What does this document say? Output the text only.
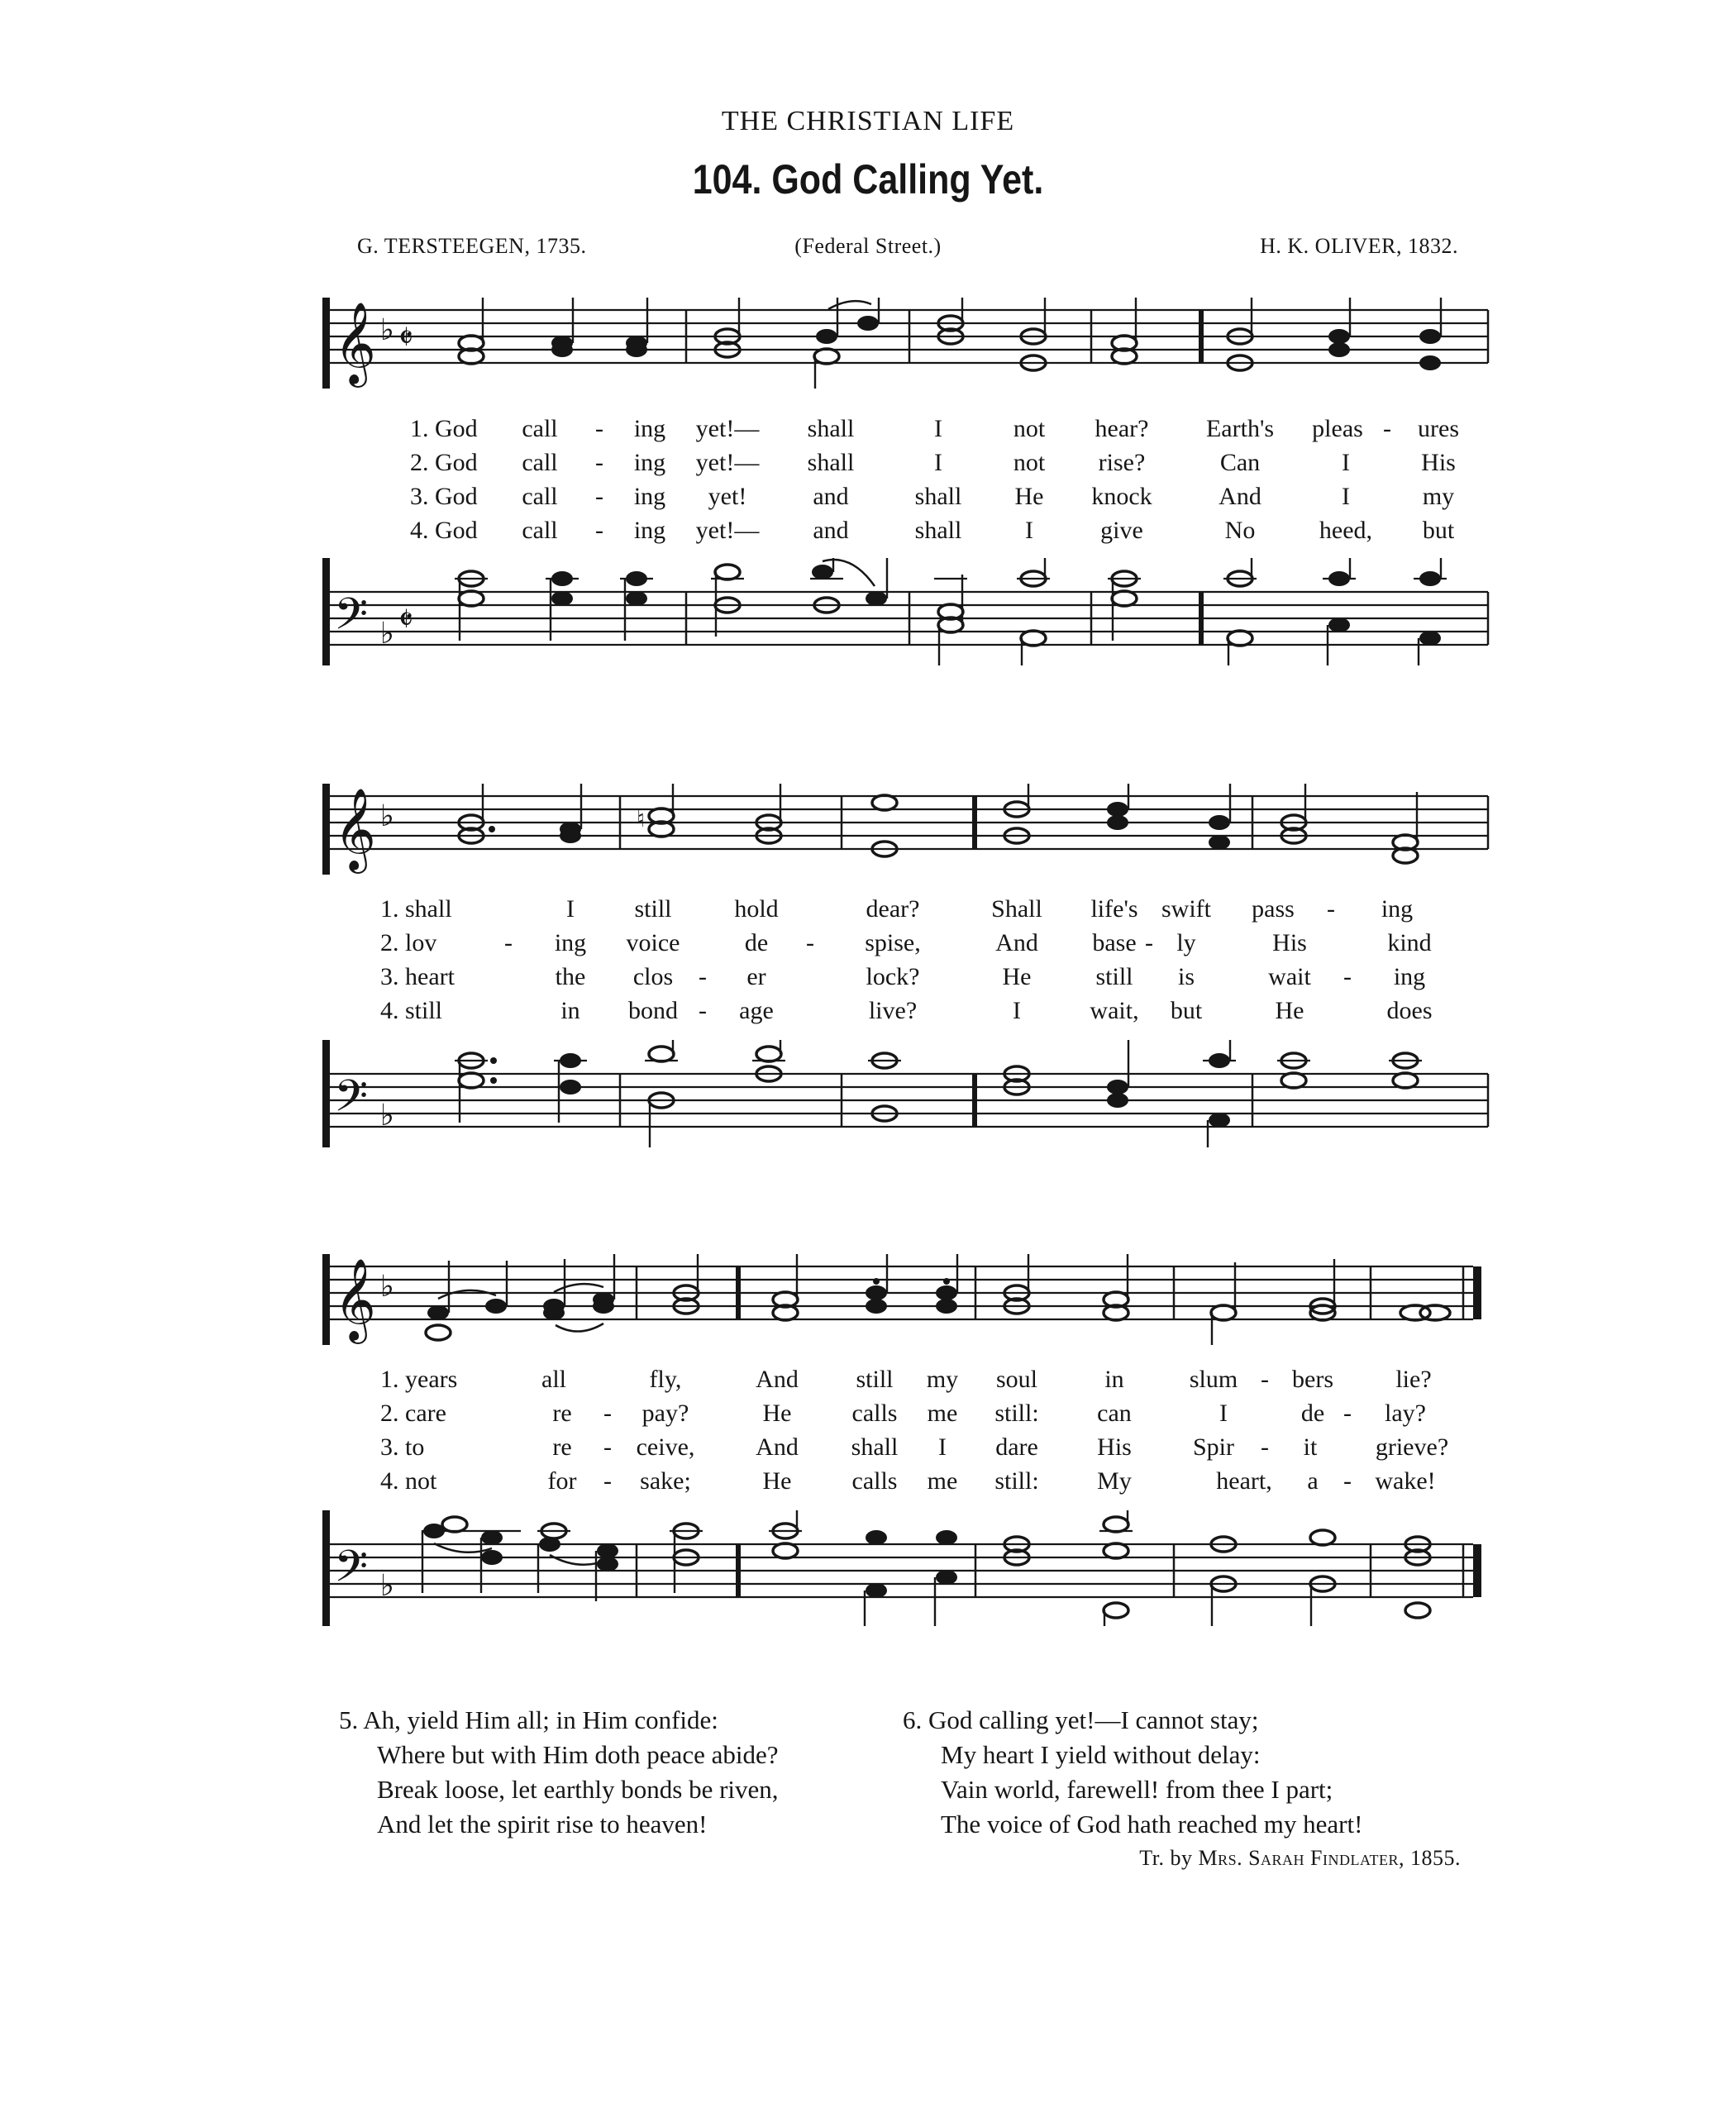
THE CHRISTIAN LIFE
104. God Calling Yet.
G. TERSTEEGEN, 1735.	(Federal Street.)	H. K. OLIVER, 1832.
𝄞 ♭ 𝄵
1. God call - ing yet!— shall	I	not hear? Earth's pleas - ures
2. God call - ing yet!— shall	I	not rise?	Can	I	His
3. God call - ing yet!	and	shall He knock	And	I	my
4. God call - ing yet!— and	shall	I	give	No	heed, but
𝄢 ♭ 𝄵
𝄞 ♭	♮
1. shall	I still	hold	dear?	Shall life's swift pass - ing
2. lov	- ing voice	de - spise,	And base - ly	His	kind
3. heart	the clos - er	lock?	He	still is	wait - ing
4. still	in bond - age	live?	I	wait, but	He	does
𝄢 ♭
𝄞 ♭
1. years	all	fly,	And still my soul	in	slum - bers	lie?
2. care	re - pay?	He calls me still: can	I	de - lay?
3. to	re - ceive, And shall I dare His Spir - it grieve?
4. not	for - sake;	He calls me still: My	heart, a - wake!
𝄢 ♭
5. Ah, yield Him all; in Him confide:
Where but with Him doth peace abide?
Break loose, let earthly bonds be riven,
And let the spirit rise to heaven!
6. God calling yet!—I cannot stay;
My heart I yield without delay:
Vain world, farewell! from thee I part;
The voice of God hath reached my heart!
Tr. by Mrs. Sarah Findlater, 1855.
